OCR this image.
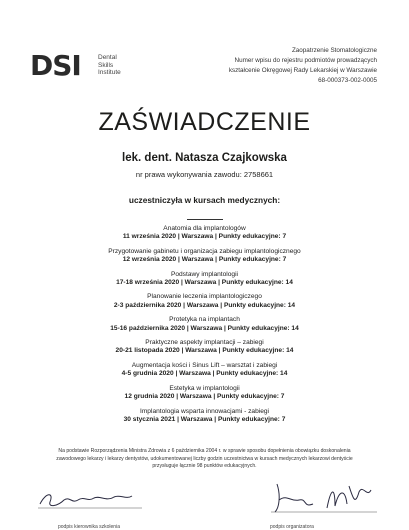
DSI	Dental
Skills
Institute
Zaopatrzenie Stomatologiczne
Numer wpisu do rejestru podmiotów prowadzących
kształcenie Okręgowej Rady Lekarskiej w Warszawie
68-000373-002-0005
ZAŚWIADCZENIE
lek. dent. Natasza Czajkowska
nr prawa wykonywania zawodu: 2758661
uczestniczyła w kursach medycznych:
Anatomia dla implantologów
11 września 2020 | Warszawa | Punkty edukacyjne: 7
Przygotowanie gabinetu i organizacja zabiegu implantologicznego
12 września 2020 | Warszawa | Punkty edukacyjne: 7
Podstawy implantologii
17-18 września 2020 | Warszawa | Punkty edukacyjne: 14
Planowanie leczenia implantologiczego
2-3 października 2020 | Warszawa | Punkty edukacyjne: 14
Protetyka na implantach
15-16 października 2020 | Warszawa | Punkty edukacyjne: 14
Praktyczne aspekty implantacji – zabiegi
20-21 listopada 2020 | Warszawa | Punkty edukacyjne: 14
Augmentacja kości i Sinus Lift – warsztat i zabiegi
4-5 grudnia 2020 | Warszawa | Punkty edukacyjne: 14
Estetyka w implantologii
12 grudnia 2020 | Warszawa | Punkty edukacyjne: 7
Implantologia wsparta innowacjami - zabiegi
30 stycznia 2021 | Warszawa | Punkty edukacyjne: 7
Na podstawie Rozporządzenia Ministra Zdrowia z 6 października 2004 r. w sprawie sposobu dopełnienia obowiązku doskonalenia
zawodowego lekarzy i lekarzy dentystów, udokumentowanej liczby godzin uczestnictwa w kursach medycznych lekarzowi dentyście
przysługuje łącznie 98 punktów edukacyjnych.
podpis kierownika szkolenia	podpis organizatora
